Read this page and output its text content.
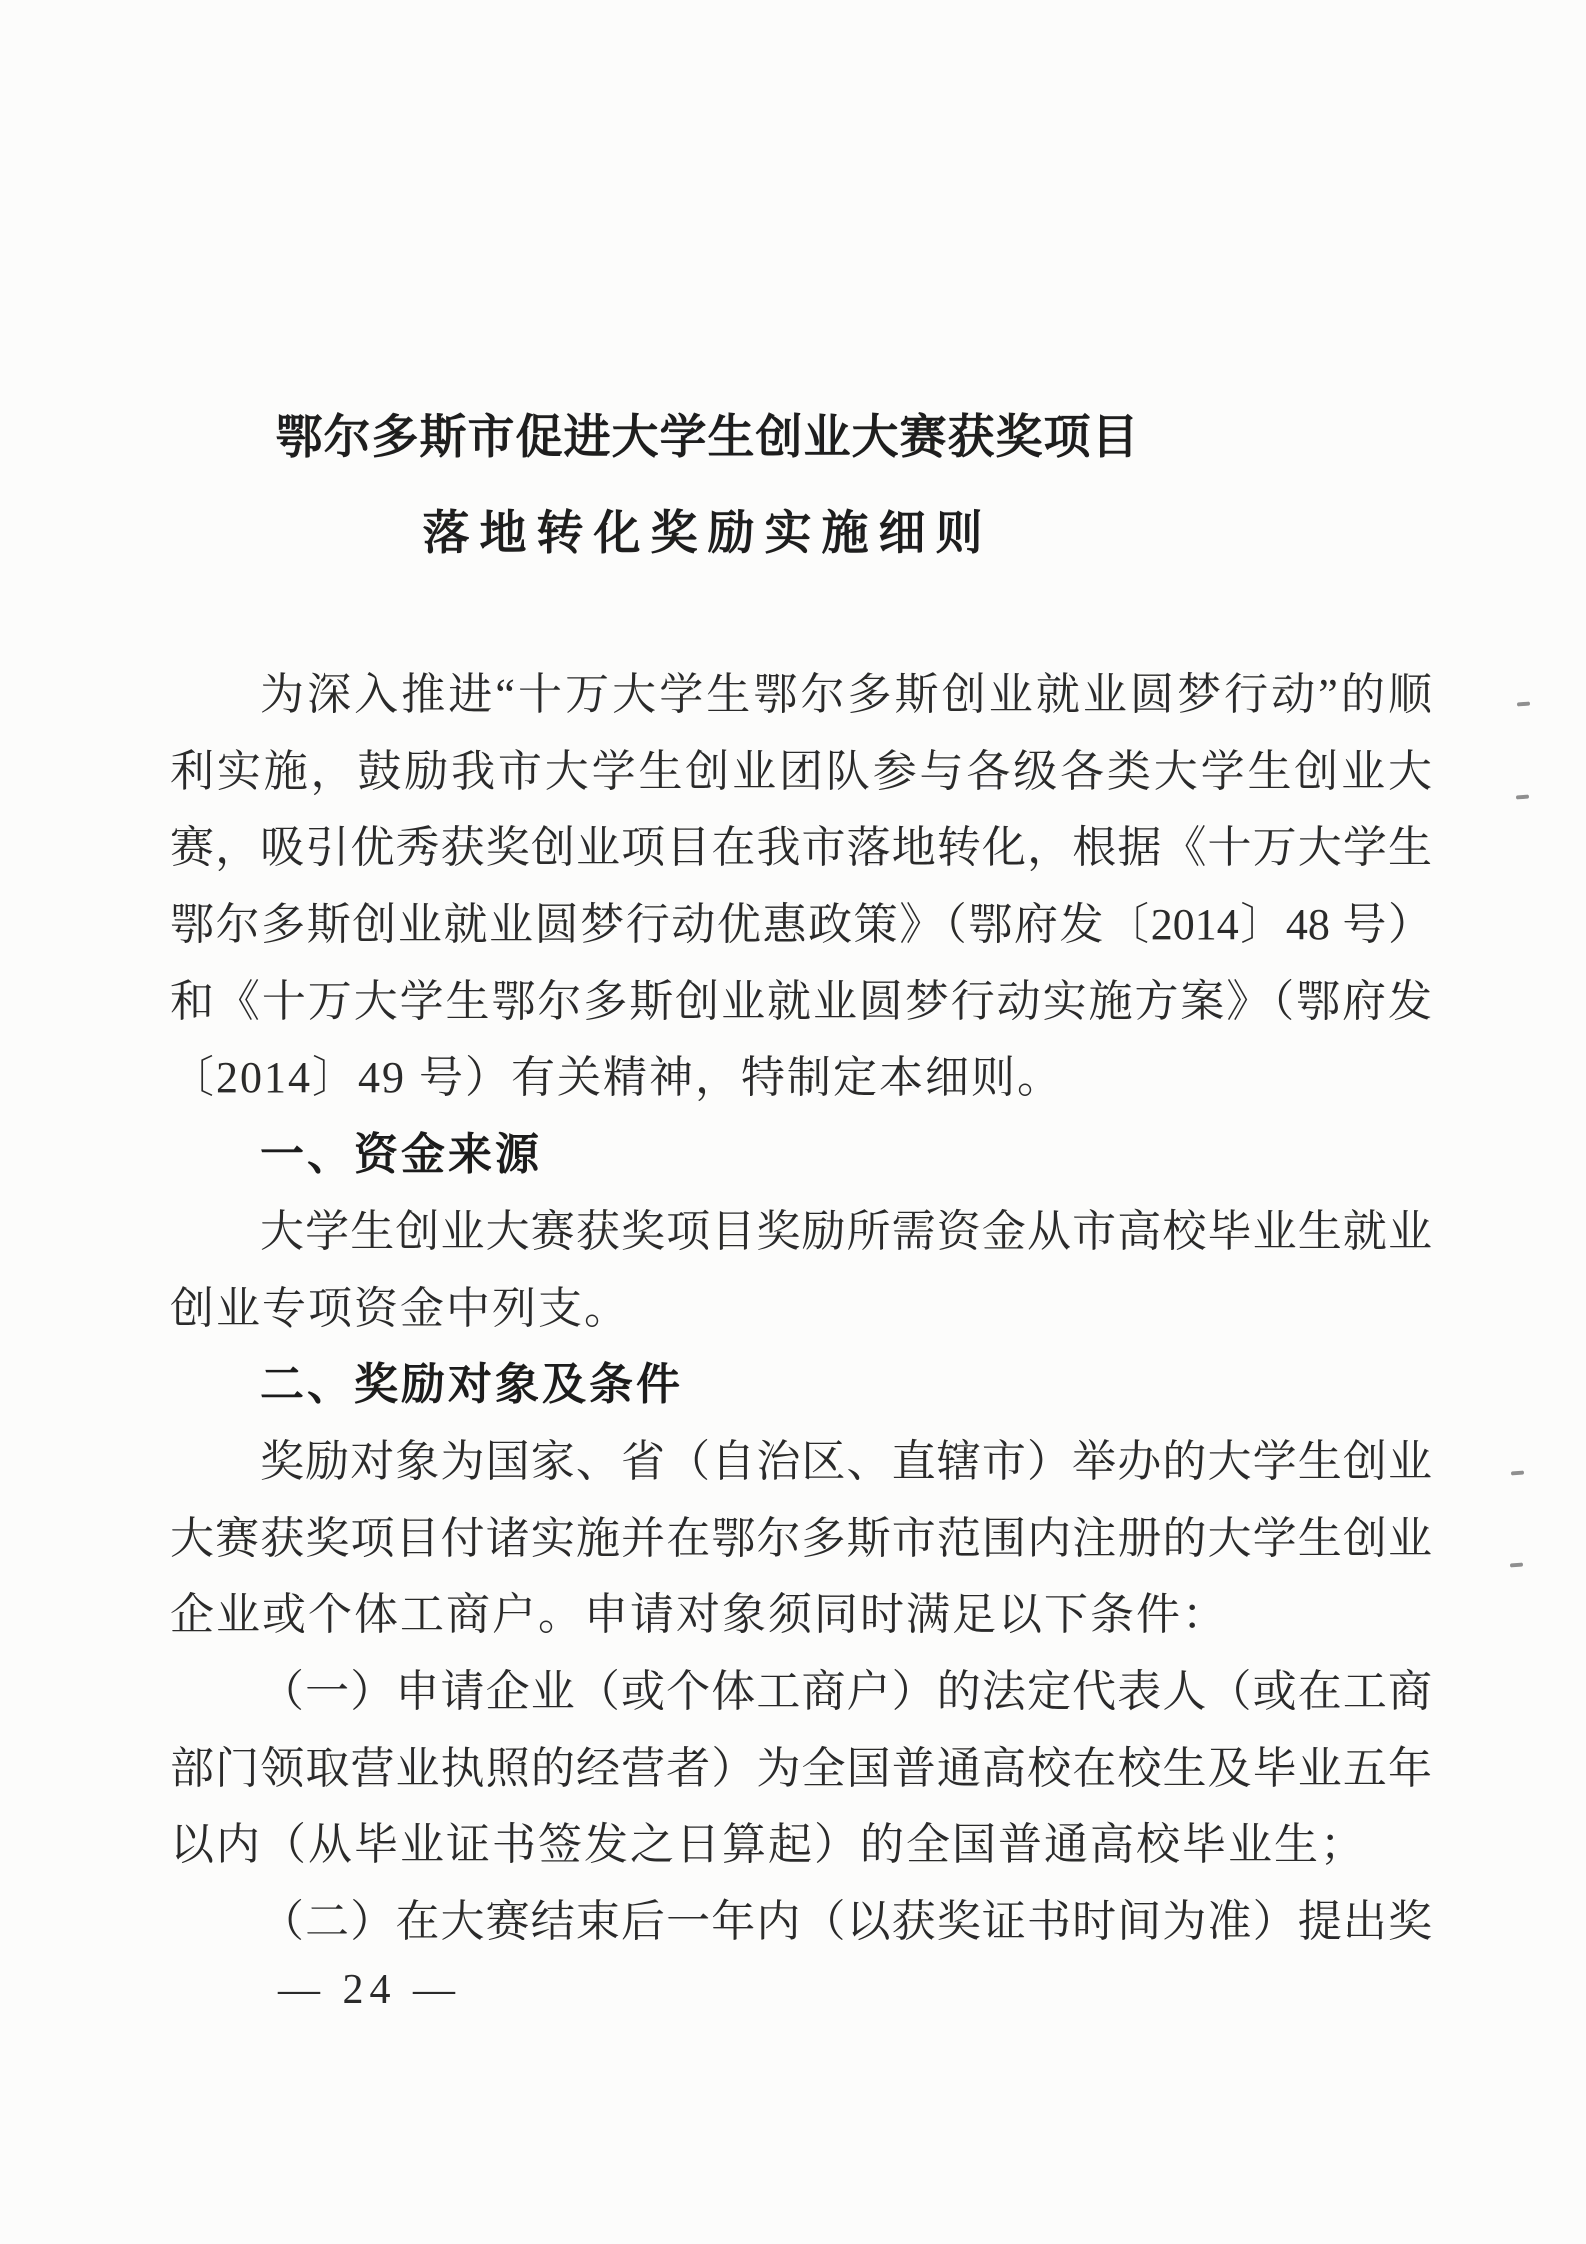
鄂尔多斯市促进大学生创业大赛获奖项目
落地转化奖励实施细则
为深入推进“十万大学生鄂尔多斯创业就业圆梦行动”的顺
利实施，鼓励我市大学生创业团队参与各级各类大学生创业大
赛，吸引优秀获奖创业项目在我市落地转化，根据《十万大学生
鄂尔多斯创业就业圆梦行动优惠政策》（鄂府发〔2014〕48 号）
和《十万大学生鄂尔多斯创业就业圆梦行动实施方案》（鄂府发
〔2014〕49 号）有关精神，特制定本细则。
一、资金来源
大学生创业大赛获奖项目奖励所需资金从市高校毕业生就业
创业专项资金中列支。
二、奖励对象及条件
奖励对象为国家、省（自治区、直辖市）举办的大学生创业
大赛获奖项目付诸实施并在鄂尔多斯市范围内注册的大学生创业
企业或个体工商户。申请对象须同时满足以下条件：
（一）申请企业（或个体工商户）的法定代表人（或在工商
部门领取营业执照的经营者）为全国普通高校在校生及毕业五年
以内（从毕业证书签发之日算起）的全国普通高校毕业生；
（二）在大赛结束后一年内（以获奖证书时间为准）提出奖
— 24 —
